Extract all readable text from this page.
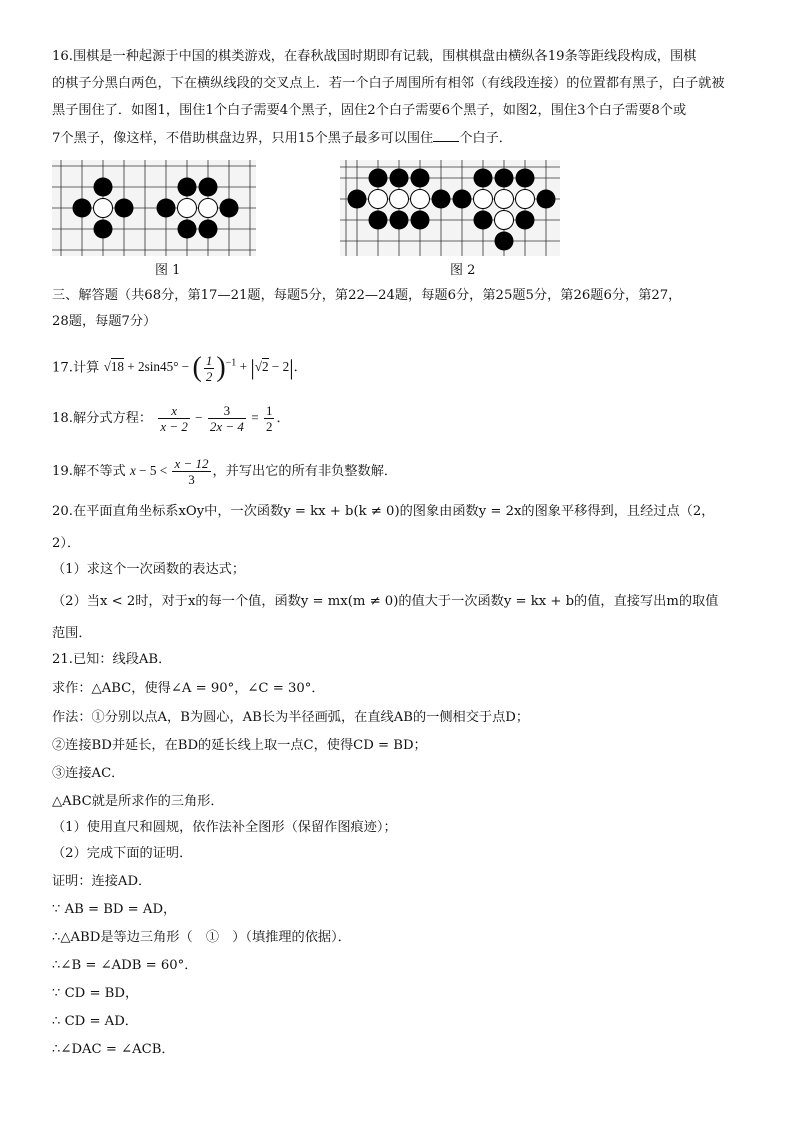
16.围棋是一种起源于中国的棋类游戏，在春秋战国时期即有记载，围棋棋盘由横纵各19条等距线段构成，围棋
的棋子分黑白两色，下在横纵线段的交叉点上．若一个白子周围所有相邻（有线段连接）的位置都有黑子，白子就被
黑子围住了．如图1，围住1个白子需要4个黑子，固住2个白子需要6个黑子，如图2，围住3个白子需要8个或
7个黑子，像这样，不借助棋盘边界，只用15个黑子最多可以围住 个白子．
图 1	图 2
三、解答题（共68分，第17—21题，每题5分，第22—24题，每题6分，第25题5分，第26题6分，第27，
28题，每题7分）
17.计算 √18 + 2sin45° − ( $\frac{1}{2} )^{-1} + |√2 - 2|$．
18.解分式方程： $\frac{x}{x - 2} - \frac{3}{2x - 4} = \frac{1}{2}$ ．
19.解不等式 $x - 5 < \frac{x - 12}{3}$ ，并写出它的所有非负整数解．
20.在平面直角坐标系xOy中，一次函数y = kx + b(k ≠ 0)的图象由函数y = 2x的图象平移得到，且经过点（2，
2）．
（1）求这个一次函数的表达式；
（2）当x < 2时，对于x的每一个值，函数y = mx(m ≠ 0)的值大于一次函数y = kx + b的值，直接写出m的取值
范围．
21.已知：线段AB．
求作：△ABC，使得∠A = 90°，∠C = 30°．
作法：①分别以点A，B为圆心，AB长为半径画弧，在直线AB的一侧相交于点D；
②连接BD并延长，在BD的延长线上取一点C，使得CD = BD；
③连接AC．
△ABC就是所求作的三角形．
（1）使用直尺和圆规，依作法补全图形（保留作图痕迹）；
（2）完成下面的证明．
证明：连接AD．
∵ AB = BD = AD，
∴△ABD是等边三角形（　①　）（填推理的依据）．
∴∠B = ∠ADB = 60°．
∵ CD = BD，
∴ CD = AD．
∴∠DAC = ∠ACB．
